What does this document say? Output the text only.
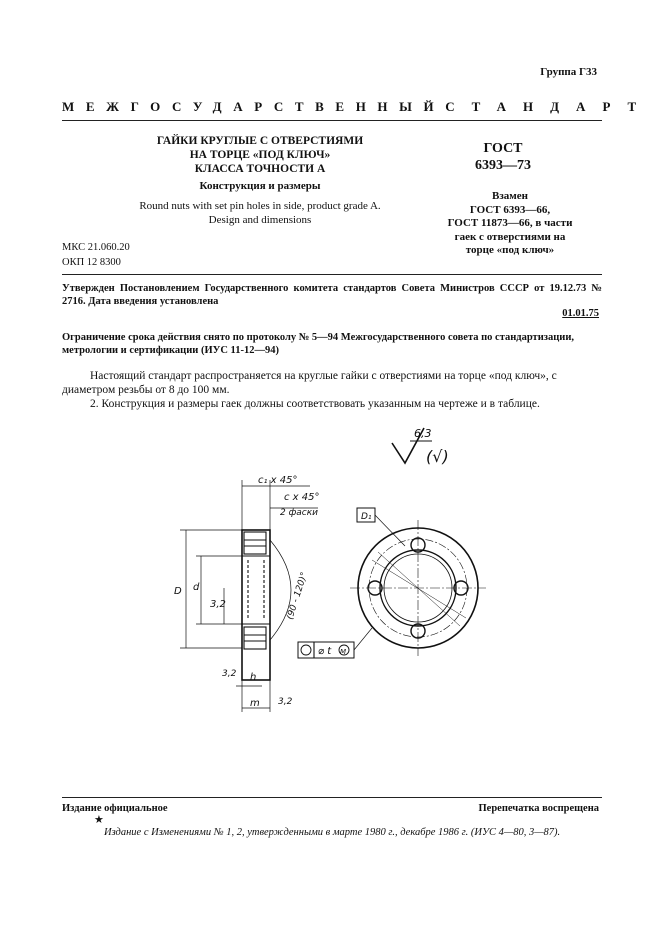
Группа Г33
МЕЖГОСУДАРСТВЕННЫЙ СТАНДАРТ
ГАЙКИ КРУГЛЫЕ С ОТВЕРСТИЯМИ
НА ТОРЦЕ «ПОД КЛЮЧ»
КЛАССА ТОЧНОСТИ А
Конструкция и размеры
Round nuts with set pin holes in side, product grade A.
Design and dimensions
ГОСТ
6393—73
Взамен
ГОСТ 6393—66,
ГОСТ 11873—66, в части
гаек с отверстиями на
торце «под ключ»
МКС 21.060.20
ОКП 12 8300
Утвержден Постановлением Государственного комитета стандартов Совета Министров СССР от 19.12.73 № 2716. Дата введения установлена
01.01.75
Ограничение срока действия снято по протоколу № 5—94 Межгосударственного совета по стандартизации, метрологии и сертификации (ИУС 11-12—94)
Настоящий стандарт распространяется на круглые гайки с отверстиями на торце «под ключ», с диаметром резьбы от 8 до 100 мм.
2. Конструкция и размеры гаек должны соответствовать указанным на чертеже и в таблице.
6,3
(√)
c₁ x 45°
c x 45°
2 фаски
D d
3,2
3,2
3,2
(90 - 120)°
h
m
D₁
⌀ t M
Издание официальное	Перепечатка воспрещена
★
Издание с Изменениями № 1, 2, утвержденными в марте 1980 г., декабре 1986 г. (ИУС 4—80, 3—87).
